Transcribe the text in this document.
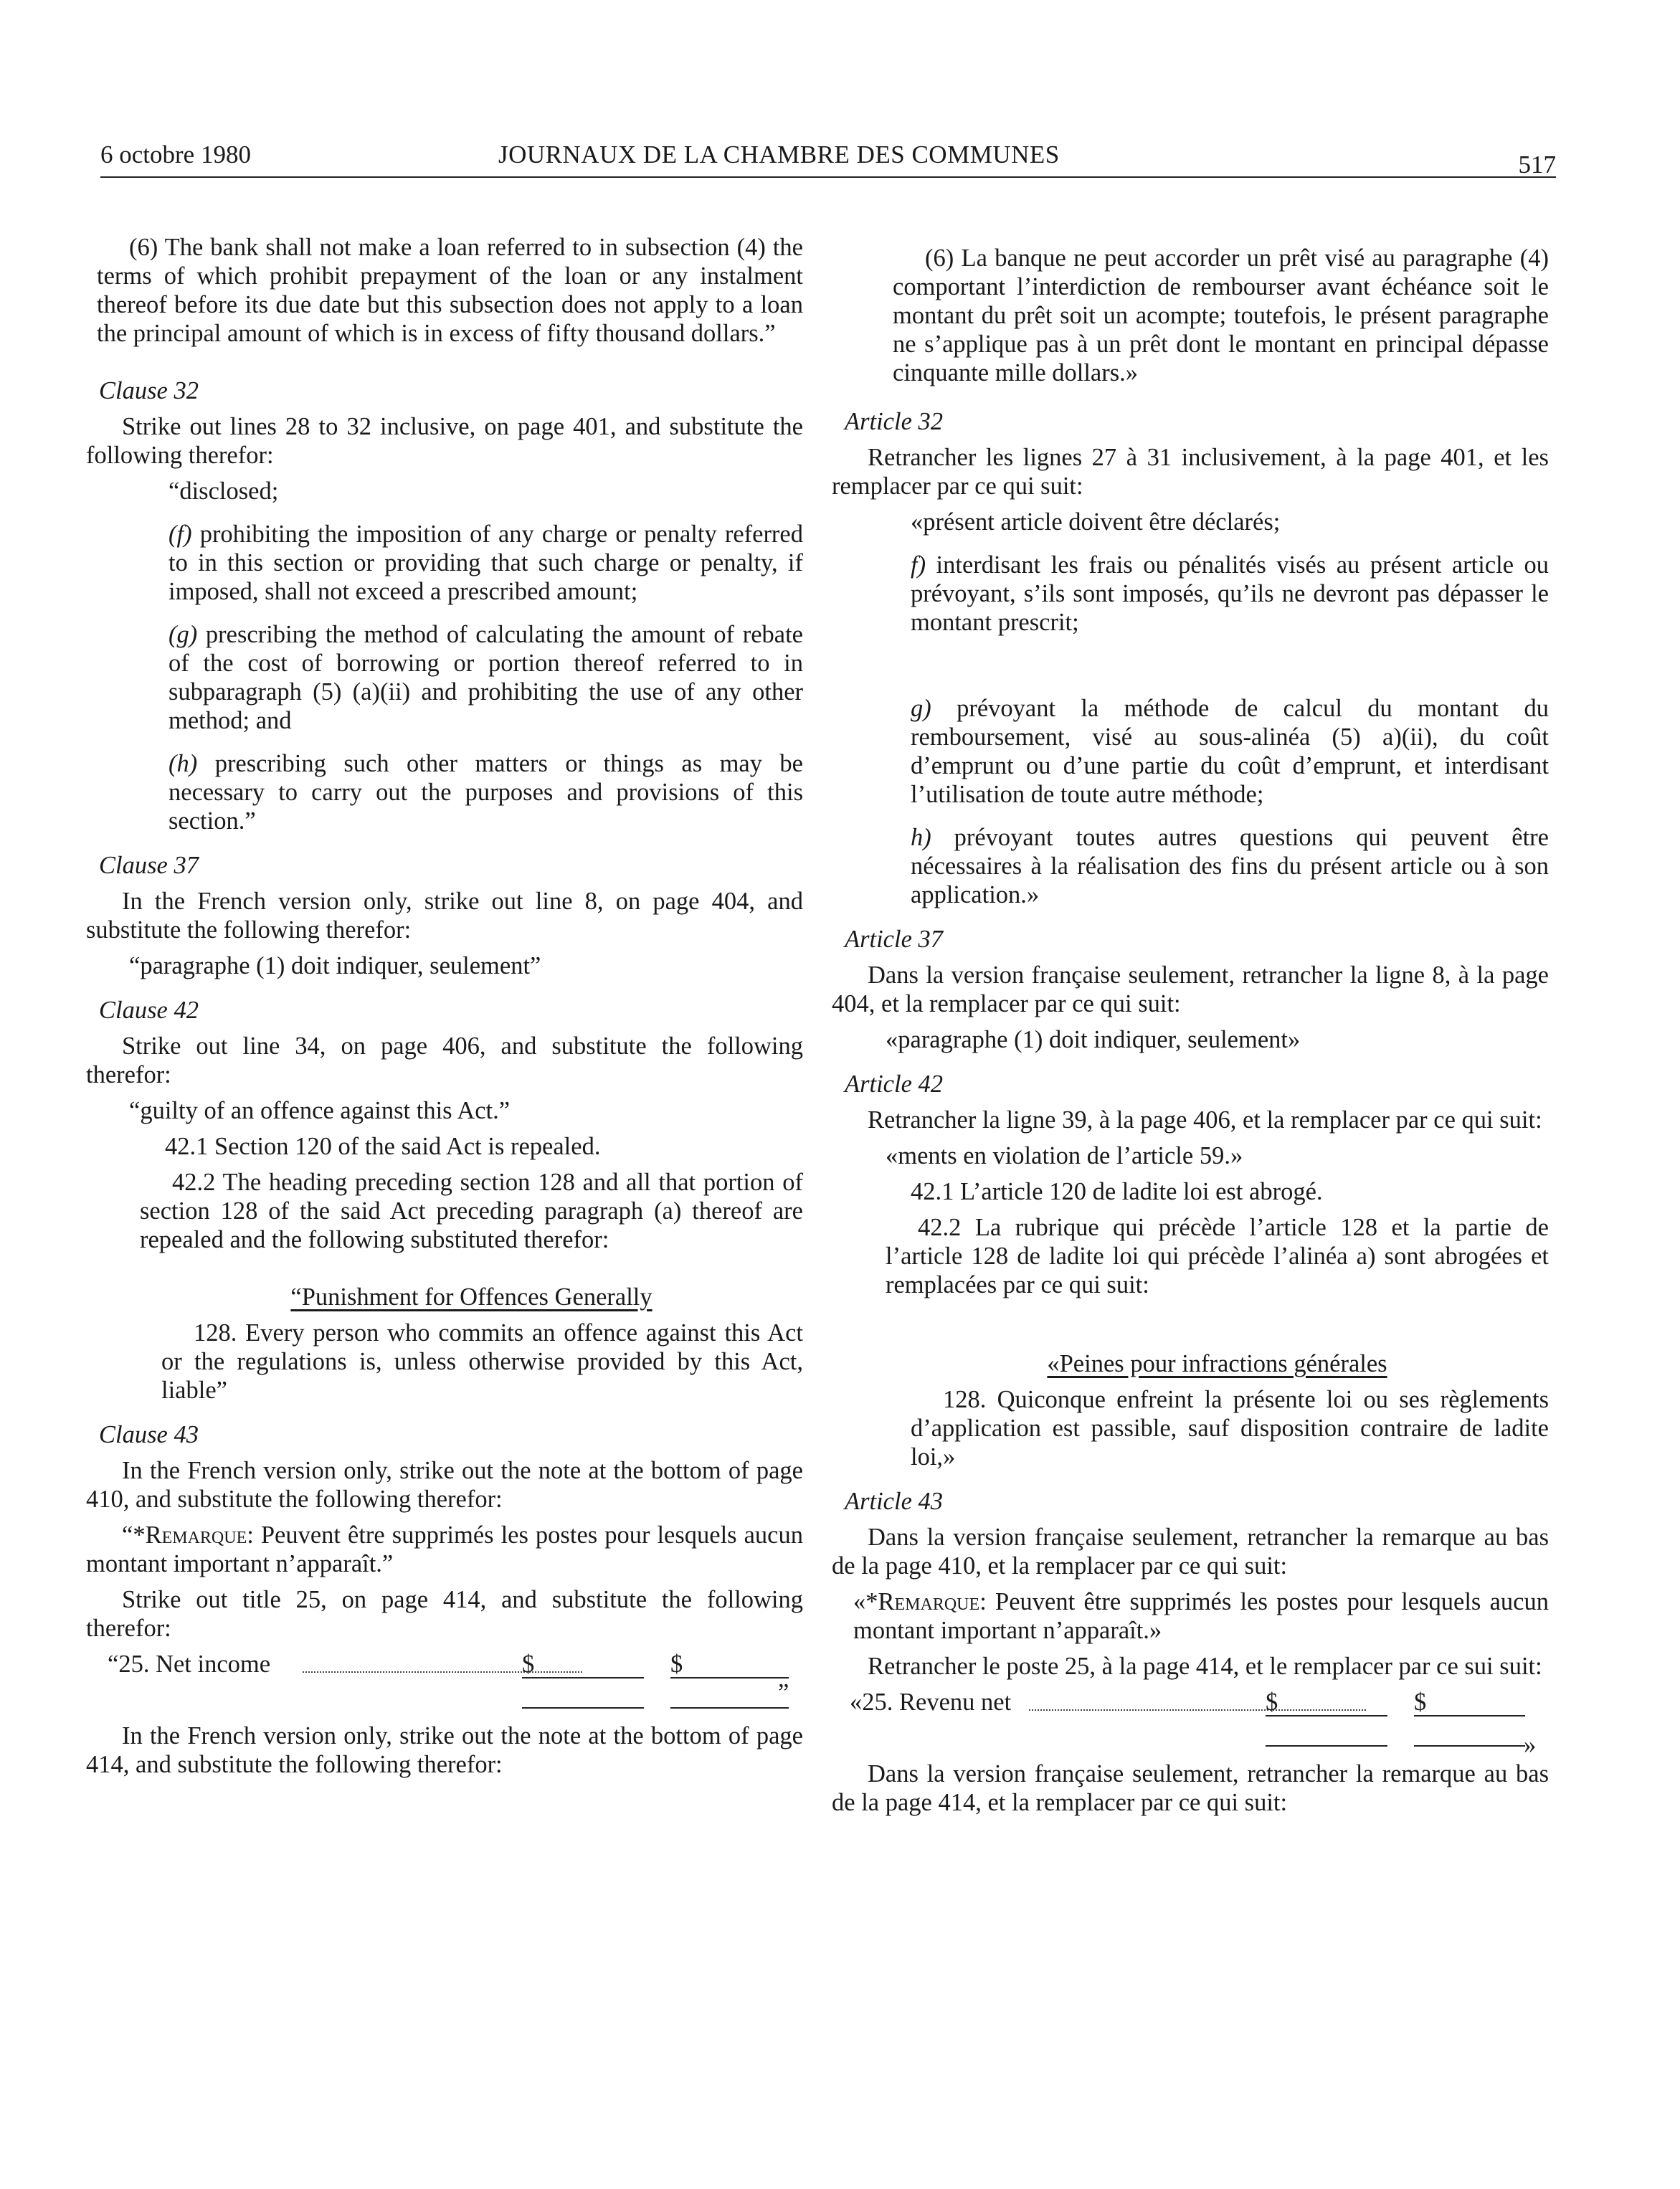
6 octobre 1980	JOURNAUX DE LA CHAMBRE DES COMMUNES	517

(6) The bank shall not make a loan referred to in subsection (4) the terms of which prohibit prepayment of the loan or any instalment thereof before its due date but this subsection does not apply to a loan the principal amount of which is in excess of fifty thousand dollars.”

Clause 32

Strike out lines 28 to 32 inclusive, on page 401, and substitute the following therefor:

“disclosed;

(f) prohibiting the imposition of any charge or penalty referred to in this section or providing that such charge or penalty, if imposed, shall not exceed a prescribed amount;

(g) prescribing the method of calculating the amount of rebate of the cost of borrowing or portion thereof referred to in subparagraph (5) (a)(ii) and prohibiting the use of any other method; and

(h) prescribing such other matters or things as may be necessary to carry out the purposes and provisions of this section.”

Clause 37

In the French version only, strike out line 8, on page 404, and substitute the following therefor:

“paragraphe (1) doit indiquer, seulement”

Clause 42

Strike out line 34, on page 406, and substitute the following therefor:

“guilty of an offence against this Act.”

42.1 Section 120 of the said Act is repealed.

42.2 The heading preceding section 128 and all that portion of section 128 of the said Act preceding paragraph (a) thereof are repealed and the following substituted therefor:

“Punishment for Offences Generally

128. Every person who commits an offence against this Act or the regulations is, unless otherwise provided by this Act, liable”

Clause 43

In the French version only, strike out the note at the bottom of page 410, and substitute the following therefor:

“*Remarque: Peuvent être supprimés les postes pour lesquels aucun montant important n’apparaît.”

Strike out title 25, on page 414, and substitute the following therefor:

“25. Net income	$	$
”

In the French version only, strike out the note at the bottom of page 414, and substitute the following therefor:

(6) La banque ne peut accorder un prêt visé au paragraphe (4) comportant l’interdiction de rembourser avant échéance soit le montant du prêt soit un acompte; toutefois, le présent paragraphe ne s’applique pas à un prêt dont le montant en principal dépasse cinquante mille dollars.»

Article 32

Retrancher les lignes 27 à 31 inclusivement, à la page 401, et les remplacer par ce qui suit:

«présent article doivent être déclarés;

f) interdisant les frais ou pénalités visés au présent article ou prévoyant, s’ils sont imposés, qu’ils ne devront pas dépasser le montant prescrit;

g) prévoyant la méthode de calcul du montant du remboursement, visé au sous-alinéa (5) a)(ii), du coût d’emprunt ou d’une partie du coût d’emprunt, et interdisant l’utilisation de toute autre méthode;

h) prévoyant toutes autres questions qui peuvent être nécessaires à la réalisation des fins du présent article ou à son application.»

Article 37

Dans la version française seulement, retrancher la ligne 8, à la page 404, et la remplacer par ce qui suit:

«paragraphe (1) doit indiquer, seulement»

Article 42

Retrancher la ligne 39, à la page 406, et la remplacer par ce qui suit:

«ments en violation de l’article 59.»

42.1 L’article 120 de ladite loi est abrogé.

42.2 La rubrique qui précède l’article 128 et la partie de l’article 128 de ladite loi qui précède l’alinéa a) sont abrogées et remplacées par ce qui suit:

«Peines pour infractions générales

128. Quiconque enfreint la présente loi ou ses règlements d’application est passible, sauf disposition contraire de ladite loi,»

Article 43

Dans la version française seulement, retrancher la remarque au bas de la page 410, et la remplacer par ce qui suit:

«*Remarque: Peuvent être supprimés les postes pour lesquels aucun montant important n’apparaît.»

Retrancher le poste 25, à la page 414, et le remplacer par ce sui suit:

«25. Revenu net	$	$
»

Dans la version française seulement, retrancher la remarque au bas de la page 414, et la remplacer par ce qui suit:
